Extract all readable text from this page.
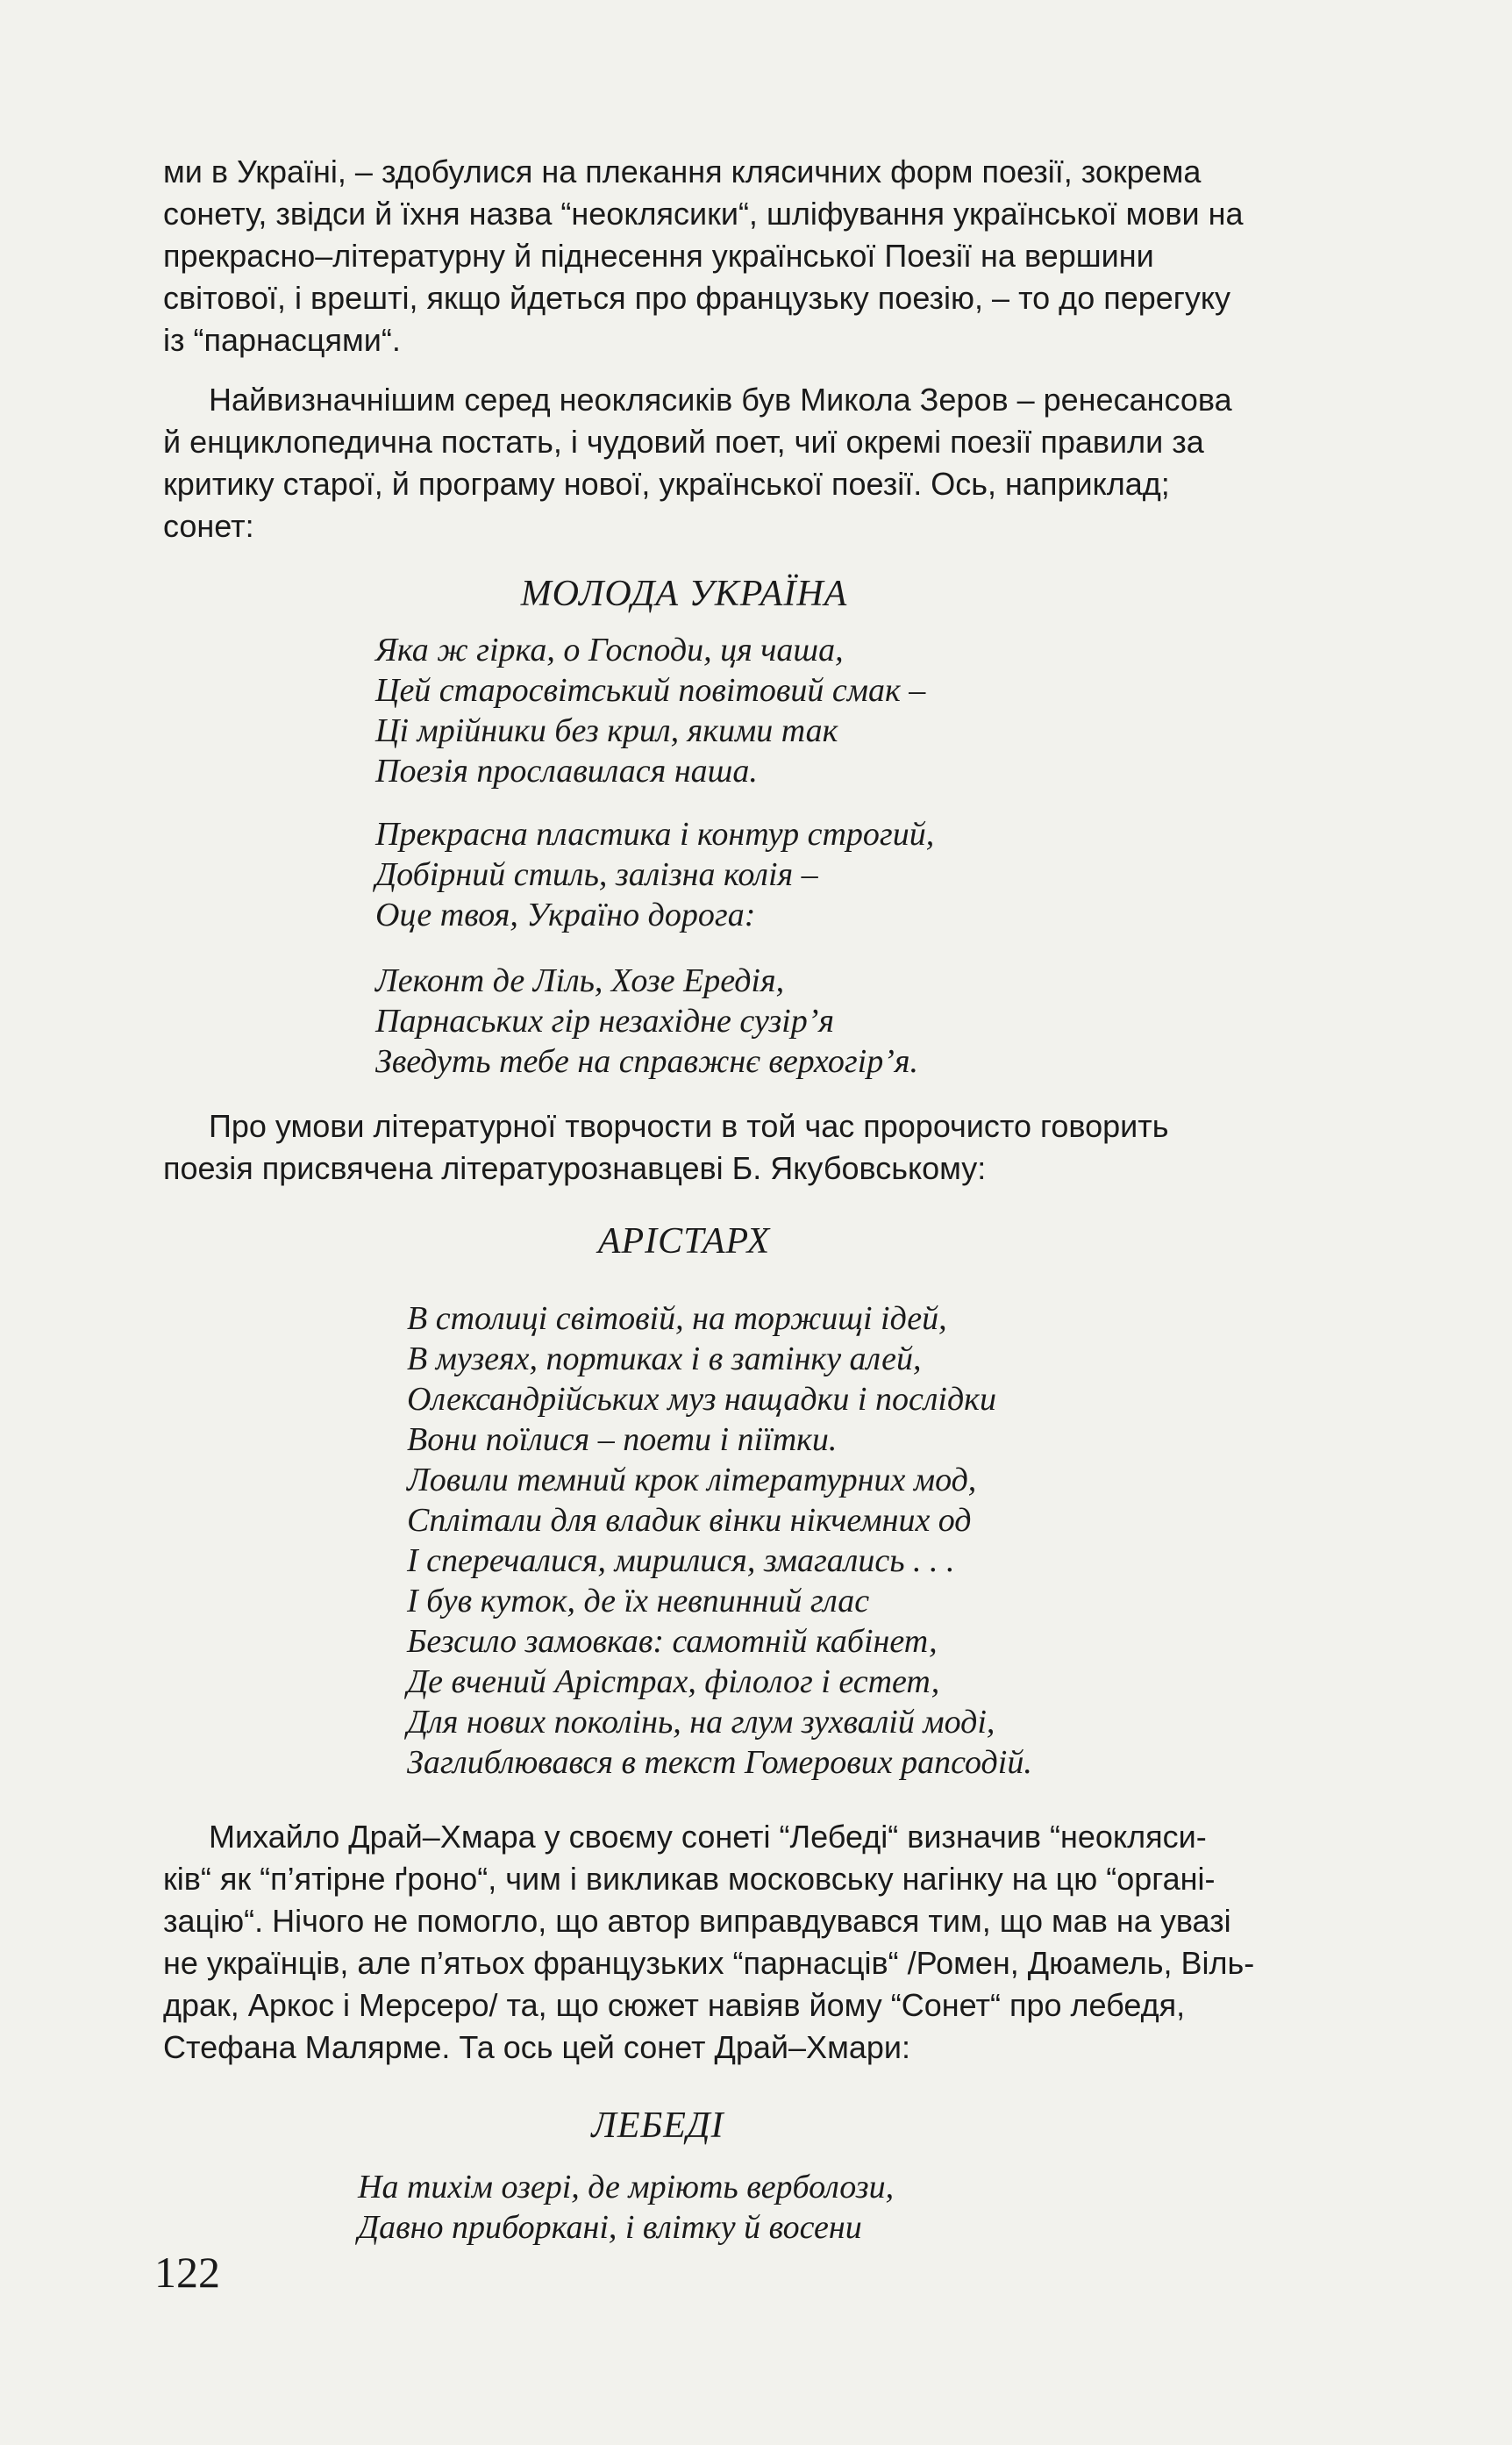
ми в Україні, – здобулися на плекання клясичних форм поезії, зокрема

сонету, звідси й їхня назва “неоклясики“, шліфування української мови на

прекрасно–літературну й піднесення української Поезії на вершини

світової, і врешті, якщо йдеться про французьку поезію, – то до перегуку

із “парнасцями“.

Найвизначнішим серед неоклясиків був Микола Зеров – ренесансова

й енциклопедична постать, і чудовий поет, чиї окремі поезії правили за

критику старої, й програму нової, української поезії. Ось, наприклад;

сонет:

МОЛОДА УКРАЇНА
Яка ж гірка, о Господи, ця чаша,
Цей старосвітський повітовий смак –
Ці мрійники без крил, якими так
Поезія прославилася наша.
Прекрасна пластика і контур строгий,
Добірний стиль, залізна колія –
Оце твоя, Україно дорога:
Леконт де Ліль, Хозе Ередія,
Парнаських гір незахідне сузір’я
Зведуть тебе на справжнє верхогір’я.

Про умови літературної творчости в той час пророчисто говорить

поезія присвячена літературознавцеві Б. Якубовському:

АРІСТАРХ
В столиці світовій, на торжищі ідей,
В музеях, портиках і в затінку алей,
Олександрійських муз нащадки і послідки
Вони поїлися – поети і піїтки.
Ловили темний крок літературних мод,
Сплітали для владик вінки нікчемних од
І сперечалися, мирилися, змагались . . .
І був куток, де їх невпинний глас
Безсило замовкав: самотній кабінет,
Де вчений Арістрах, філолог і естет,
Для нових поколінь, на глум зухвалій моді,
Заглиблювався в текст Гомерових рапсодій.

Михайло Драй–Хмара у своєму сонеті “Лебеді“ визначив “неокляси-

ків“ як “п’ятірне ґроно“, чим і викликав московську нагінку на цю “органі-

зацію“. Нічого не помогло, що автор виправдувався тим, що мав на увазі

не українців, але п’ятьох французьких “парнасців“ /Ромен, Дюамель, Віль-

драк, Аркос і Мерсеро/ та, що сюжет навіяв йому “Сонет“ про лебедя,

Стефана Малярме. Та ось цей сонет Драй–Хмари:

ЛЕБЕДІ
На тихім озері, де мріють верболози,
Давно приборкані, і влітку й восени
122
